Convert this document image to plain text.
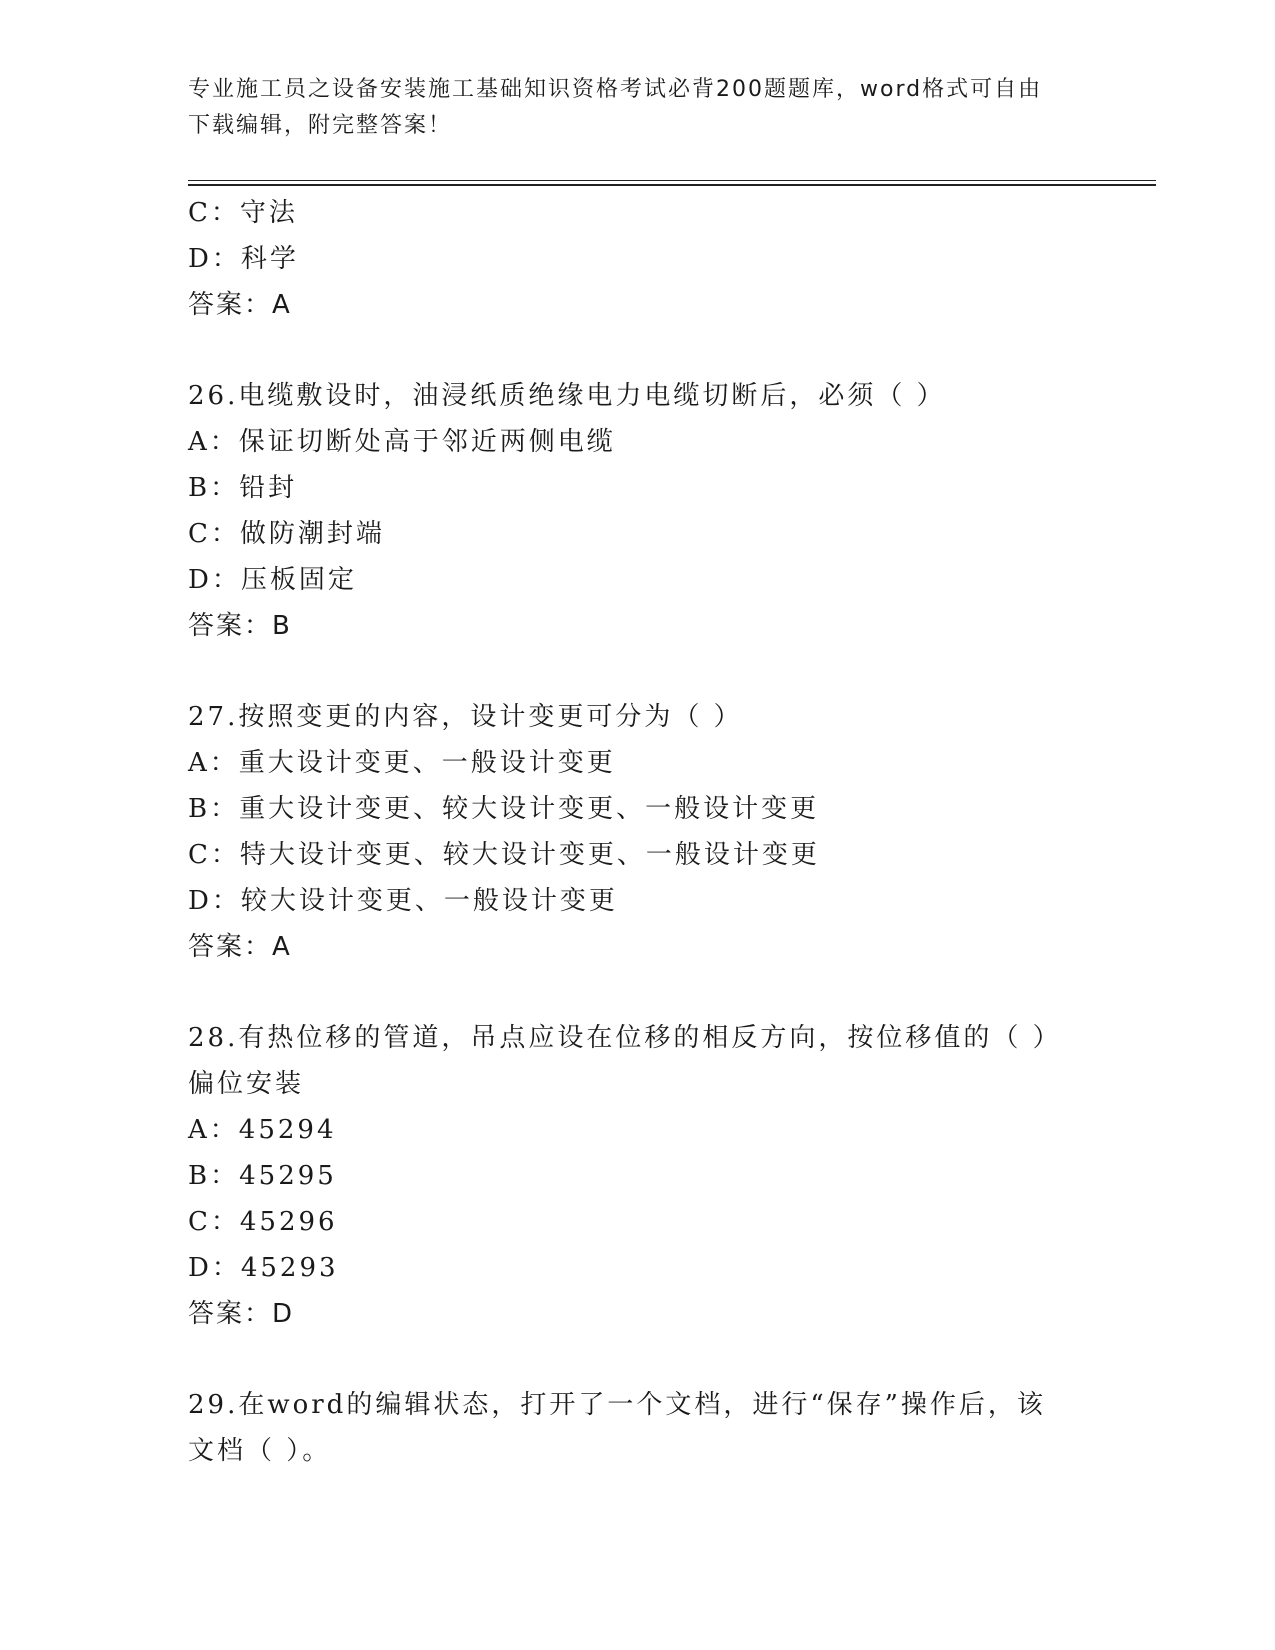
专业施工员之设备安装施工基础知识资格考试必背200题题库，word格式可自由
下载编辑，附完整答案！
C：守法
D：科学
答案：A
26.电缆敷设时，油浸纸质绝缘电力电缆切断后，必须（ ）
A：保证切断处高于邻近两侧电缆
B：铅封
C：做防潮封端
D：压板固定
答案：B
27.按照变更的内容，设计变更可分为（ ）
A：重大设计变更、一般设计变更
B：重大设计变更、较大设计变更、一般设计变更
C：特大设计变更、较大设计变更、一般设计变更
D：较大设计变更、一般设计变更
答案：A
28.有热位移的管道，吊点应设在位移的相反方向，按位移值的（ ）
偏位安装
A：45294
B：45295
C：45296
D：45293
答案：D
29.在word的编辑状态，打开了一个文档，进行“保存”操作后，该
文档（ ）。
